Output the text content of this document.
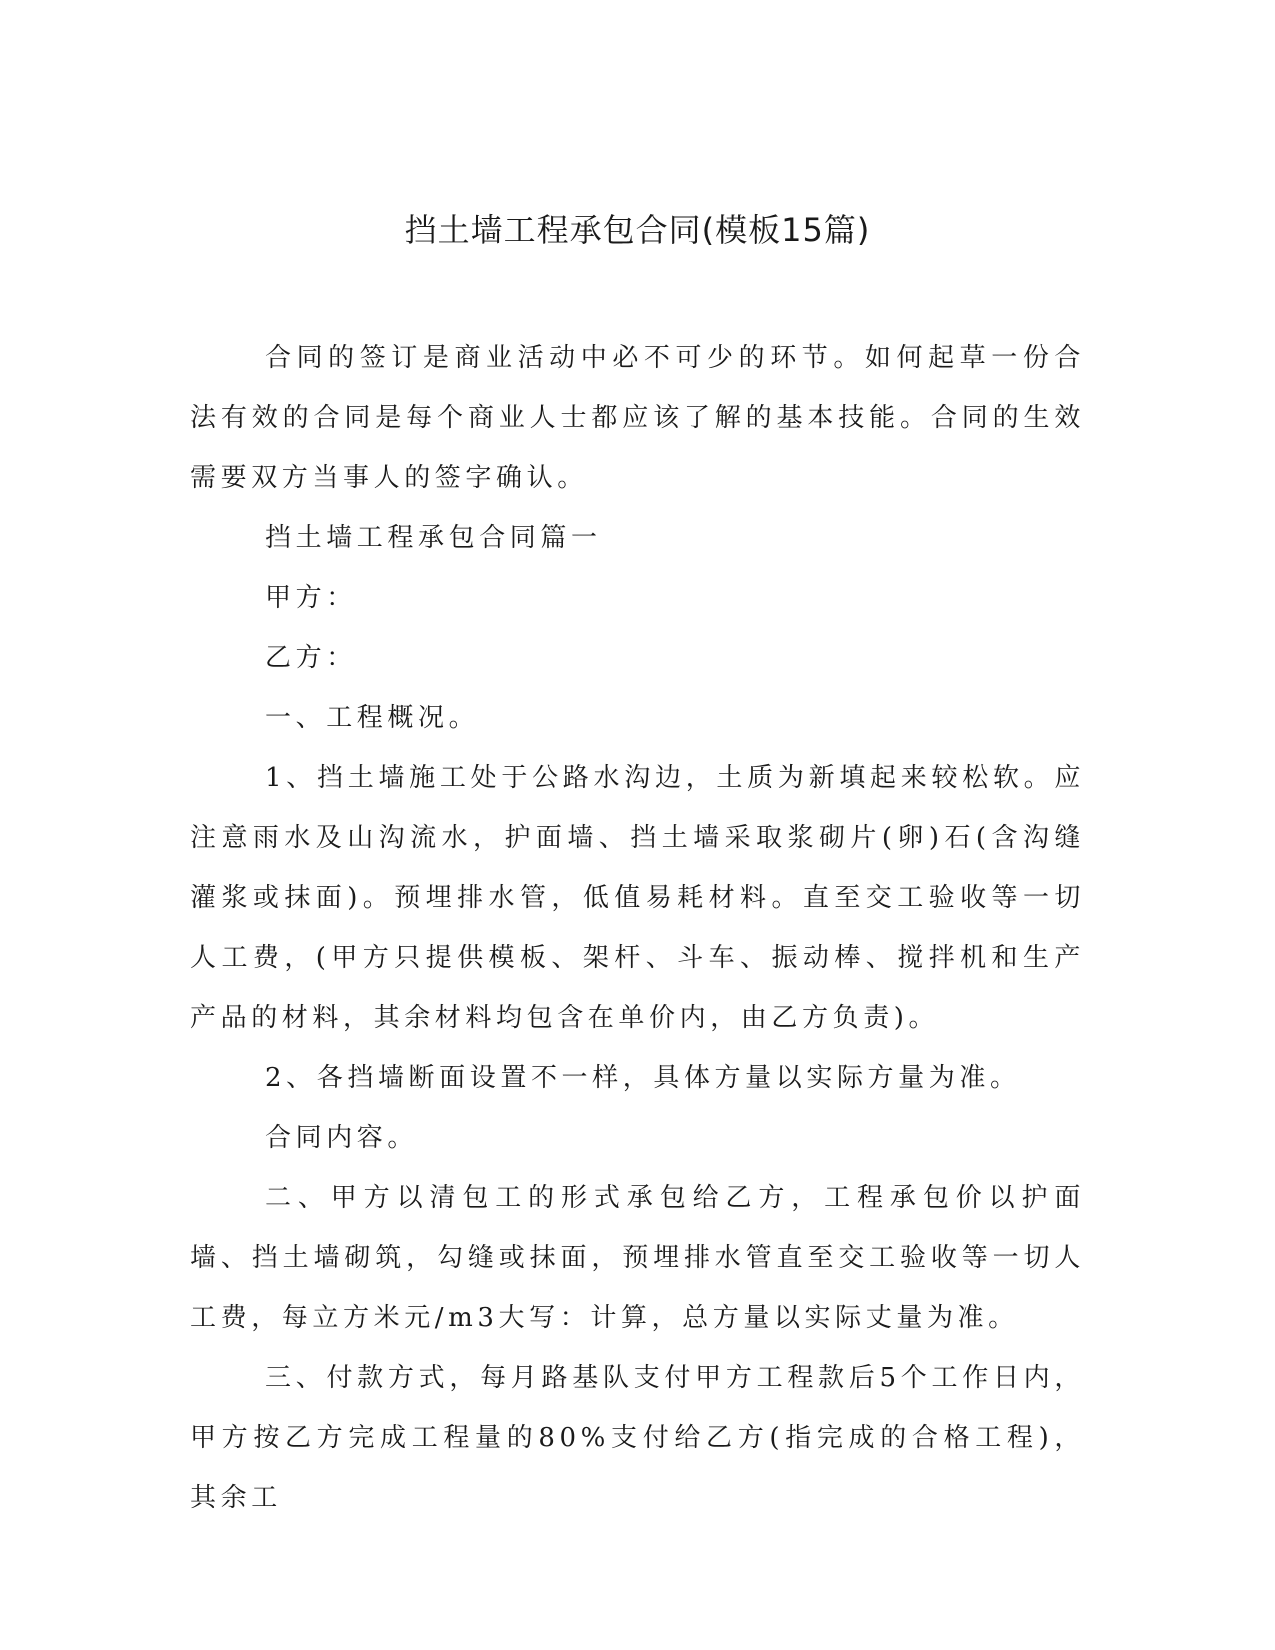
挡土墙工程承包合同(模板15篇)

合同的签订是商业活动中必不可少的环节。如何起草一份合法有效的合同是每个商业人士都应该了解的基本技能。合同的生效需要双方当事人的签字确认。

挡土墙工程承包合同篇一

甲方：

乙方：

一、工程概况。

1、挡土墙施工处于公路水沟边，土质为新填起来较松软。应注意雨水及山沟流水，护面墙、挡土墙采取浆砌片(卵)石(含沟缝灌浆或抹面)。预埋排水管，低值易耗材料。直至交工验收等一切人工费，(甲方只提供模板、架杆、斗车、振动棒、搅拌机和生产产品的材料，其余材料均包含在单价内，由乙方负责)。

2、各挡墙断面设置不一样，具体方量以实际方量为准。

合同内容。

二、甲方以清包工的形式承包给乙方，工程承包价以护面墙、挡土墙砌筑，勾缝或抹面，预埋排水管直至交工验收等一切人工费，每立方米元/m3大写：计算，总方量以实际丈量为准。

三、付款方式，每月路基队支付甲方工程款后5个工作日内，甲方按乙方完成工程量的80%支付给乙方(指完成的合格工程)，其余工
